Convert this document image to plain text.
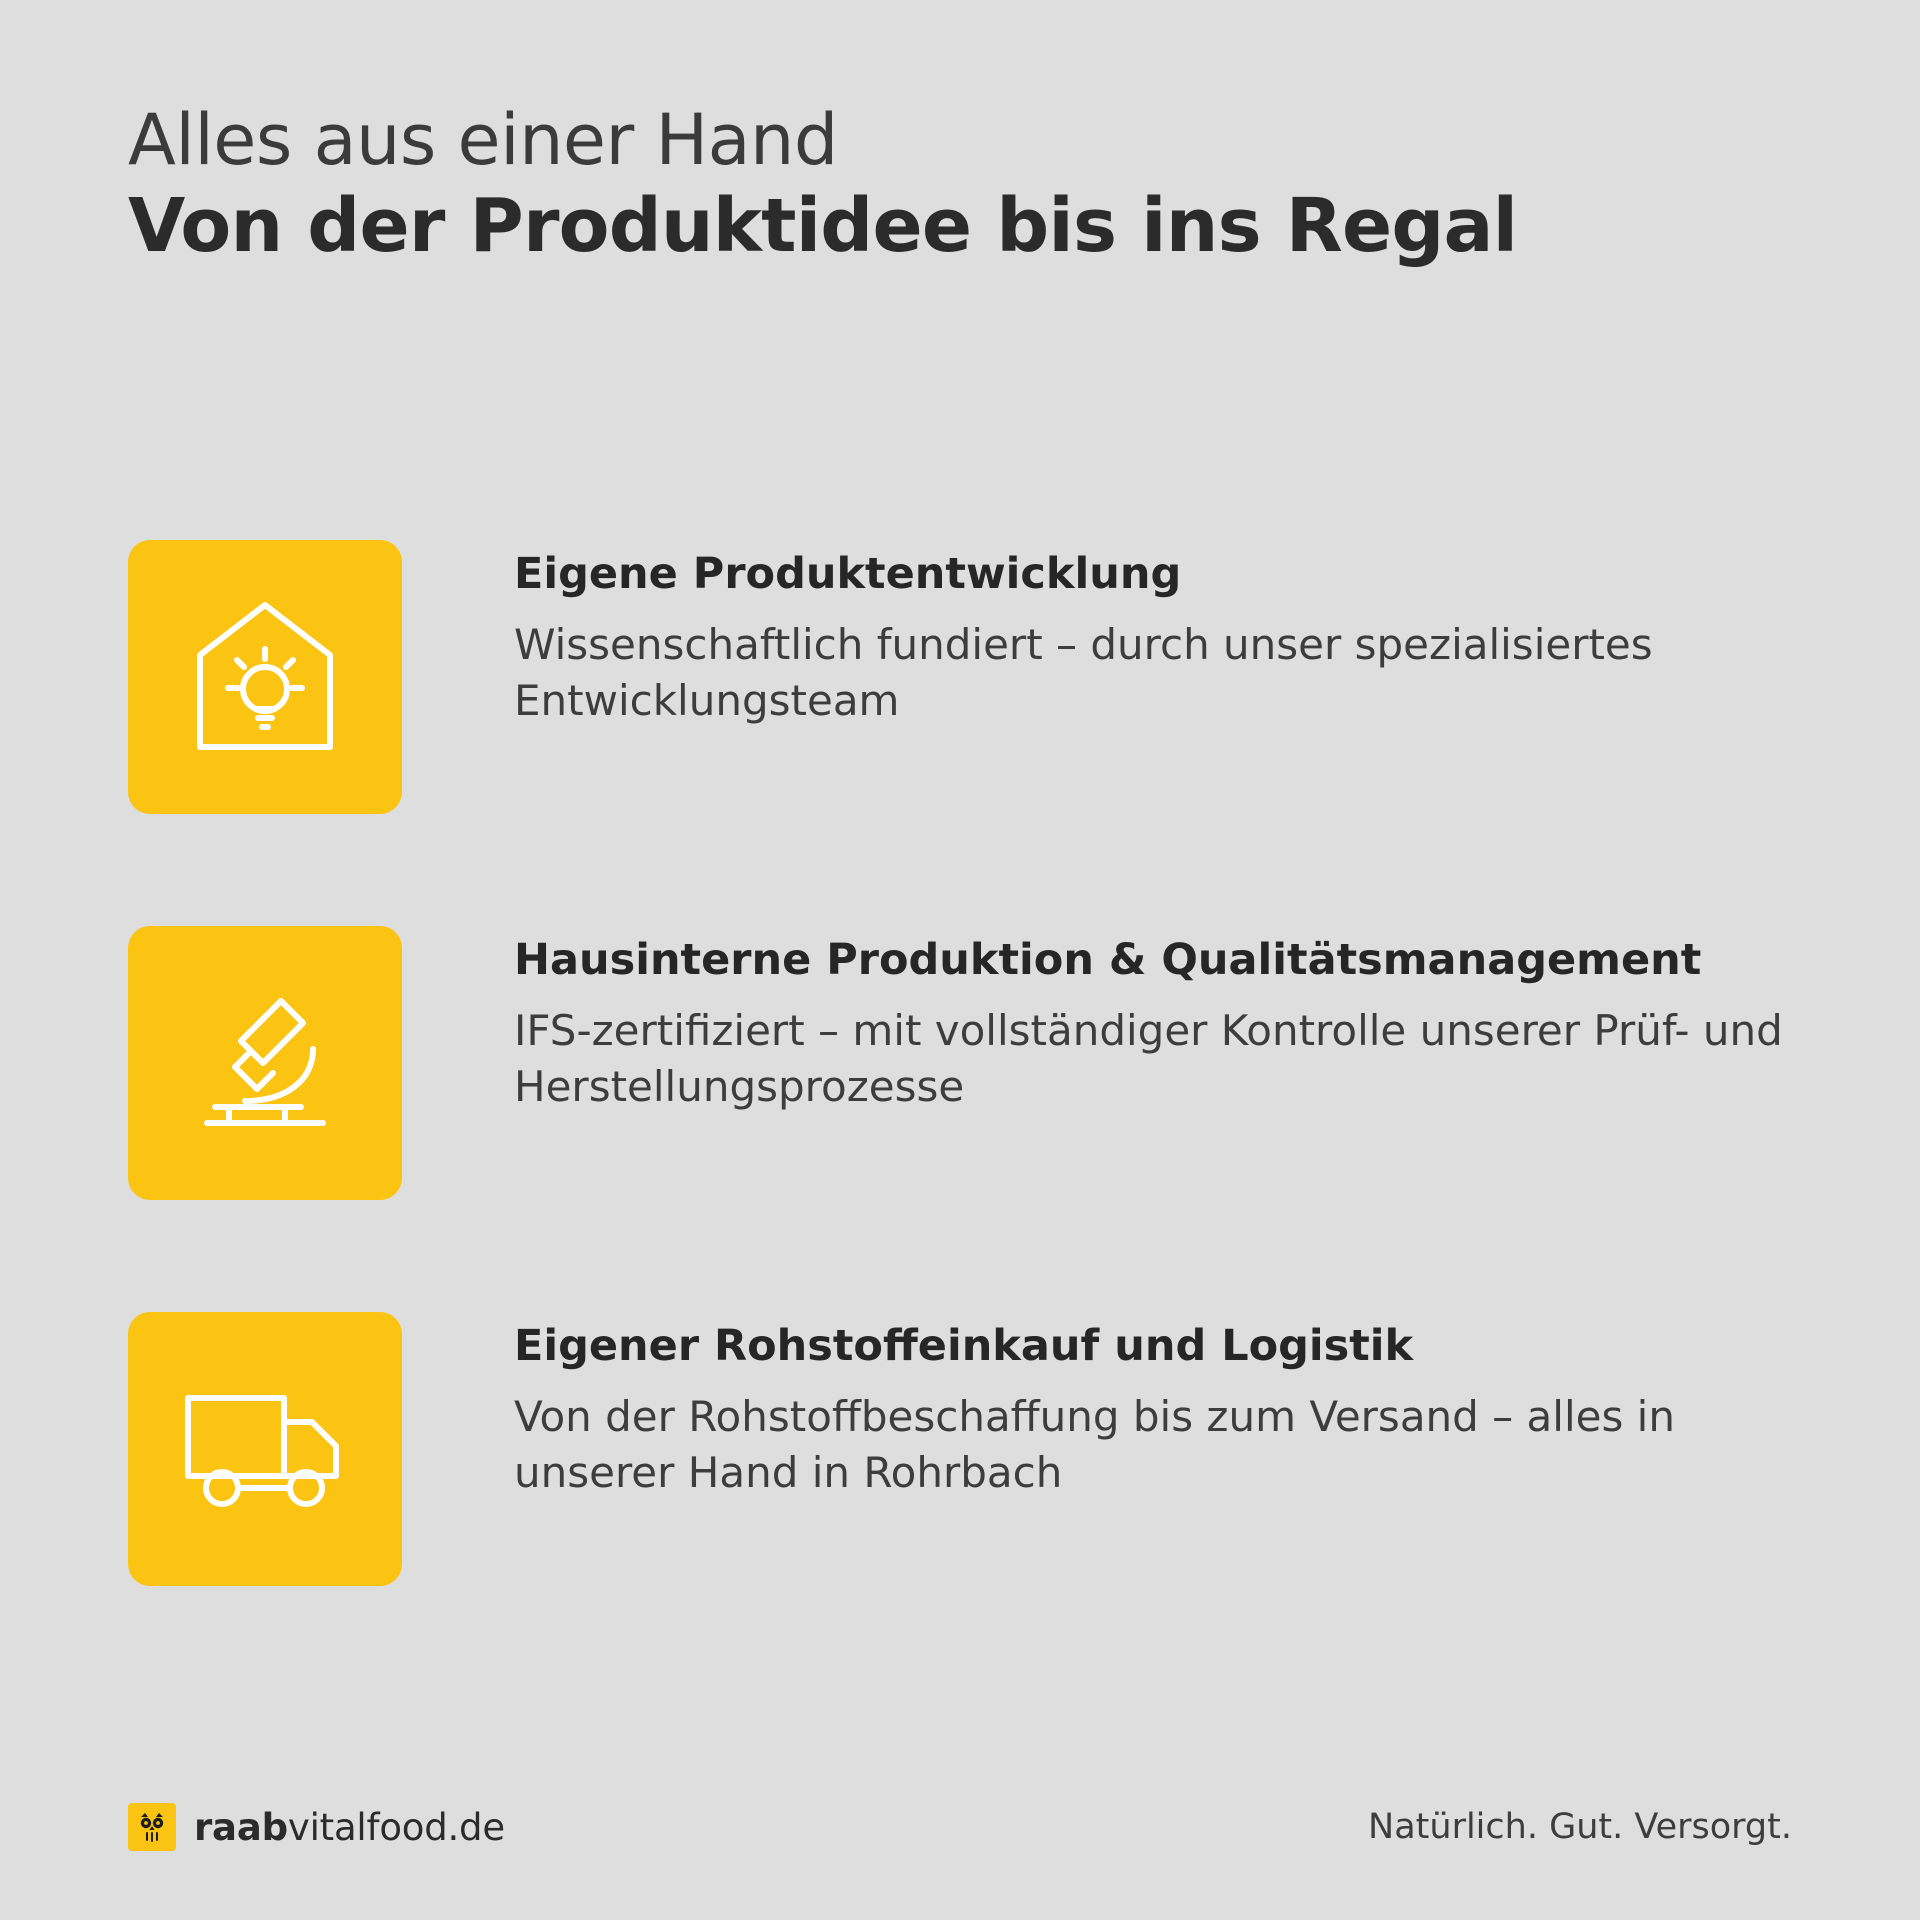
Alles aus einer Hand
Von der Produktidee bis ins Regal
Eigene Produktentwicklung
Wissenschaftlich fundiert – durch unser spezialisiertes Entwicklungsteam
Hausinterne Produktion & Qualitätsmanagement
IFS-zertifiziert – mit vollständiger Kontrolle unserer Prüf- und Herstellungsprozesse
Eigener Rohstoffeinkauf und Logistik
Von der Rohstoffbeschaffung bis zum Versand – alles in unserer Hand in Rohrbach
raabvitalfood.de	Natürlich. Gut. Versorgt.
